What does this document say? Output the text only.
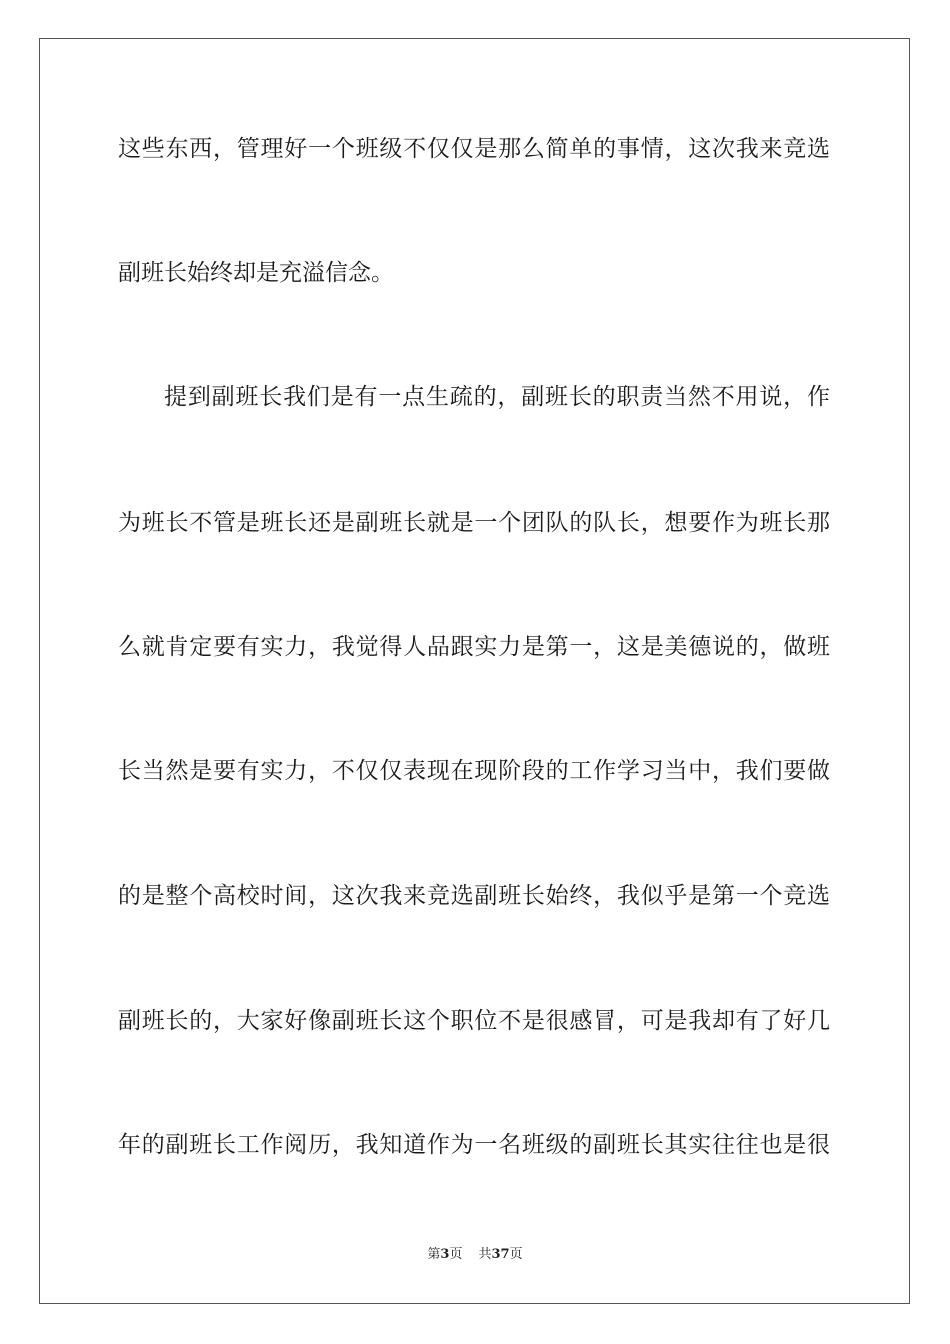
这些东西，管理好一个班级不仅仅是那么简单的事情，这次我来竞选
副班长始终却是充溢信念。
提到副班长我们是有一点生疏的，副班长的职责当然不用说，作
为班长不管是班长还是副班长就是一个团队的队长，想要作为班长那
么就肯定要有实力，我觉得人品跟实力是第一，这是美德说的，做班
长当然是要有实力，不仅仅表现在现阶段的工作学习当中，我们要做
的是整个高校时间，这次我来竞选副班长始终，我似乎是第一个竞选
副班长的，大家好像副班长这个职位不是很感冒，可是我却有了好几
年的副班长工作阅历，我知道作为一名班级的副班长其实往往也是很
第3页 共37页
